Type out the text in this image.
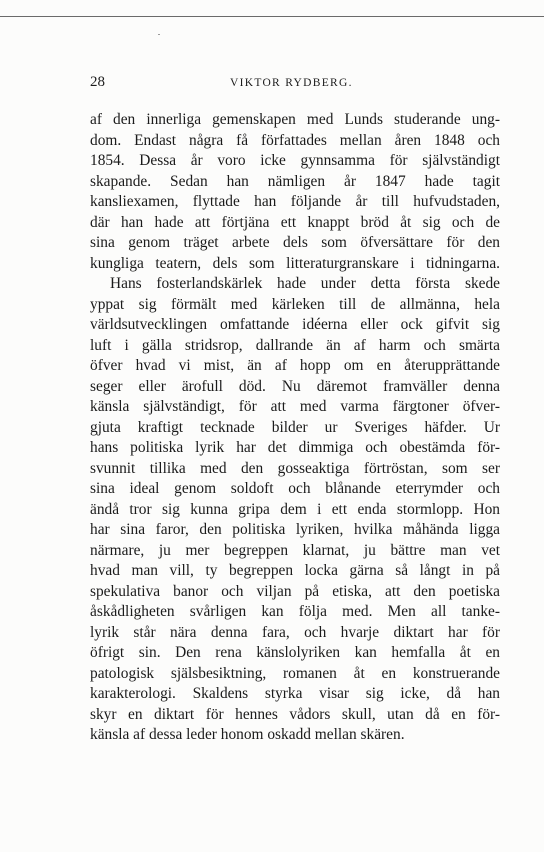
28	VIKTOR RYDBERG.
af den innerliga gemenskapen med Lunds studerande ung-
dom. Endast några få författades mellan åren 1848 och
1854. Dessa år voro icke gynnsamma för självständigt
skapande. Sedan han nämligen år 1847 hade tagit
kansliexamen, flyttade han följande år till hufvudstaden,
där han hade att förtjäna ett knappt bröd åt sig och de
sina genom träget arbete dels som öfversättare för den
kungliga teatern, dels som litteraturgranskare i tidningarna.
Hans fosterlandskärlek hade under detta första skede
yppat sig förmält med kärleken till de allmänna, hela
världsutvecklingen omfattande idéerna eller ock gifvit sig
luft i gälla stridsrop, dallrande än af harm och smärta
öfver hvad vi mist, än af hopp om en återupprättande
seger eller ärofull död. Nu däremot framväller denna
känsla självständigt, för att med varma färgtoner öfver-
gjuta kraftigt tecknade bilder ur Sveriges häfder. Ur
hans politiska lyrik har det dimmiga och obestämda för-
svunnit tillika med den gosseaktiga förtröstan, som ser
sina ideal genom soldoft och blånande eterrymder och
ändå tror sig kunna gripa dem i ett enda stormlopp. Hon
har sina faror, den politiska lyriken, hvilka måhända ligga
närmare, ju mer begreppen klarnat, ju bättre man vet
hvad man vill, ty begreppen locka gärna så långt in på
spekulativa banor och viljan på etiska, att den poetiska
åskådligheten svårligen kan följa med. Men all tanke-
lyrik står nära denna fara, och hvarje diktart har för
öfrigt sin. Den rena känslolyriken kan hemfalla åt en
patologisk själsbesiktning, romanen åt en konstruerande
karakterologi. Skaldens styrka visar sig icke, då han
skyr en diktart för hennes vådors skull, utan då en för-
känsla af dessa leder honom oskadd mellan skären.
